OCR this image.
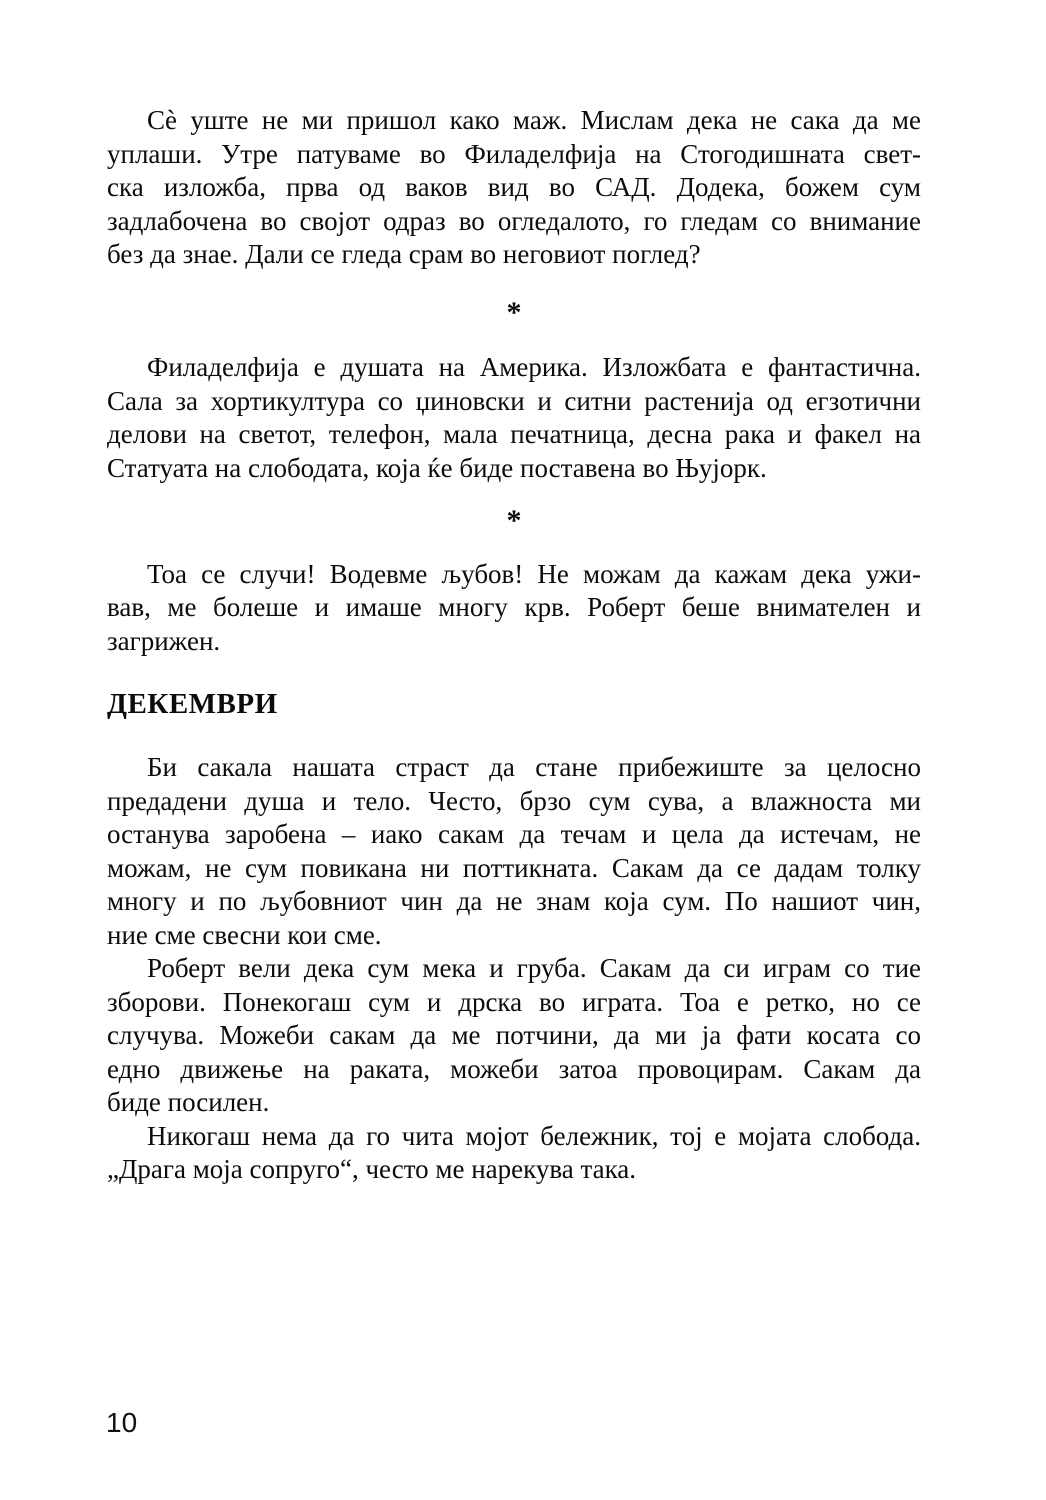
Сѐ уште не ми пришол како маж. Мислам дека не сака да ме
уплаши. Утре патуваме во Филаделфија на Стогодишната свет-
ска изложба, прва од ваков вид во САД. Додека, божем сум
задлабочена во својот одраз во огледалото, го гледам со внимание
без да знае. Дали се гледа срам во неговиот поглед?
*
Филаделфија е душата на Америка. Изложбата е фантастична.
Сала за хортикултура со џиновски и ситни растенија од егзотични
делови на светот, телефон, мала печатница, десна рака и факел на
Статуата на слободата, која ќе биде поставена во Њујорк.
*
Тоа се случи! Водевме љубов! Не можам да кажам дека ужи-
вав, ме болеше и имаше многу крв. Роберт беше внимателен и
загрижен.
ДЕКЕМВРИ
Би сакала нашата страст да стане прибежиште за целосно
предадени душа и тело. Често, брзо сум сува, а влажноста ми
останува заробена – иако сакам да течам и цела да истечам, не
можам, не сум повикана ни поттикната. Сакам да се дадам толку
многу и по љубовниот чин да не знам која сум. По нашиот чин,
ние сме свесни кои сме.
Роберт вели дека сум мека и груба. Сакам да си играм со тие
зборови. Понекогаш сум и дрска во играта. Тоа е ретко, но се
случува. Можеби сакам да ме потчини, да ми ја фати косата со
едно движење на раката, можеби затоа провоцирам. Сакам да
биде посилен.
Никогаш нема да го чита мојот бележник, тој е мојата слобода.
„Драга моја сопруго“, често ме нарекува така.
10
